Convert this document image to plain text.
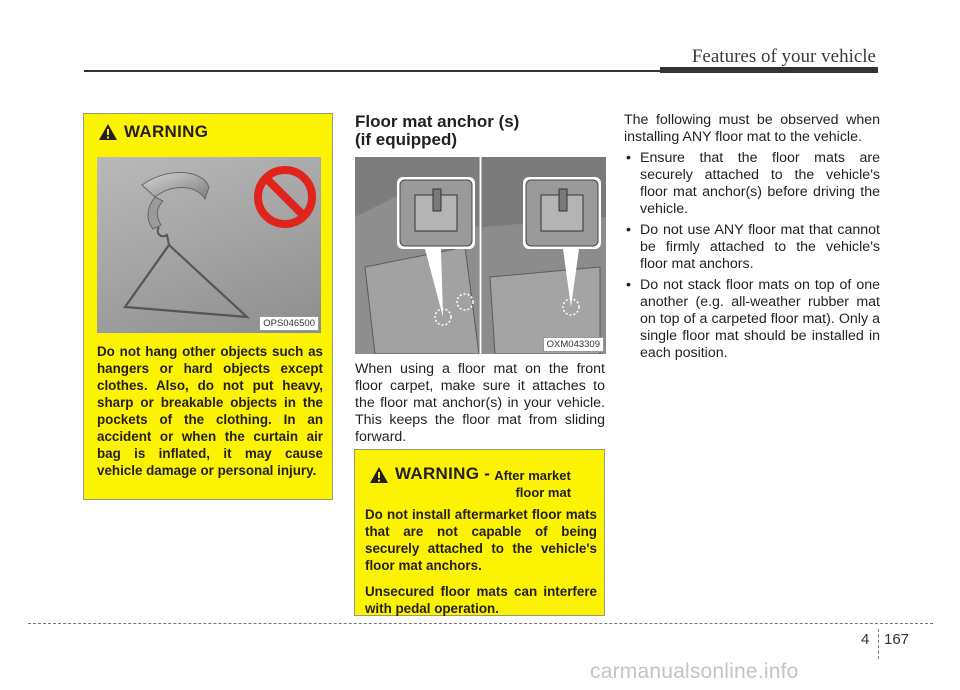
Features of your vehicle
WARNING
OPS046500

Do not hang other objects such as hangers or hard objects except clothes. Also, do not put heavy, sharp or breakable objects in the pockets of the clothing. In an accident or when the curtain air bag is inflated, it may cause vehicle damage or personal injury.

Floor mat anchor (s)
(if equipped)
OXM043309
When using a floor mat on the front floor carpet, make sure it attaches to the floor mat anchor(s) in your vehicle. This keeps the floor mat from sliding forward.
WARNING - After market
floor mat

Do not install aftermarket floor mats that are not capable of being securely attached to the vehicle's floor mat anchors.

Unsecured floor mats can interfere with pedal operation.

The following must be observed when installing ANY floor mat to the vehicle.

• Ensure that the floor mats are securely attached to the vehicle's floor mat anchor(s) before driving the vehicle.
• Do not use ANY floor mat that cannot be firmly attached to the vehicle's floor mat anchors.
• Do not stack floor mats on top of one another (e.g. all-weather rubber mat on top of a carpeted floor mat). Only a single floor mat should be installed in each position.
4 167
carmanualsonline.info
